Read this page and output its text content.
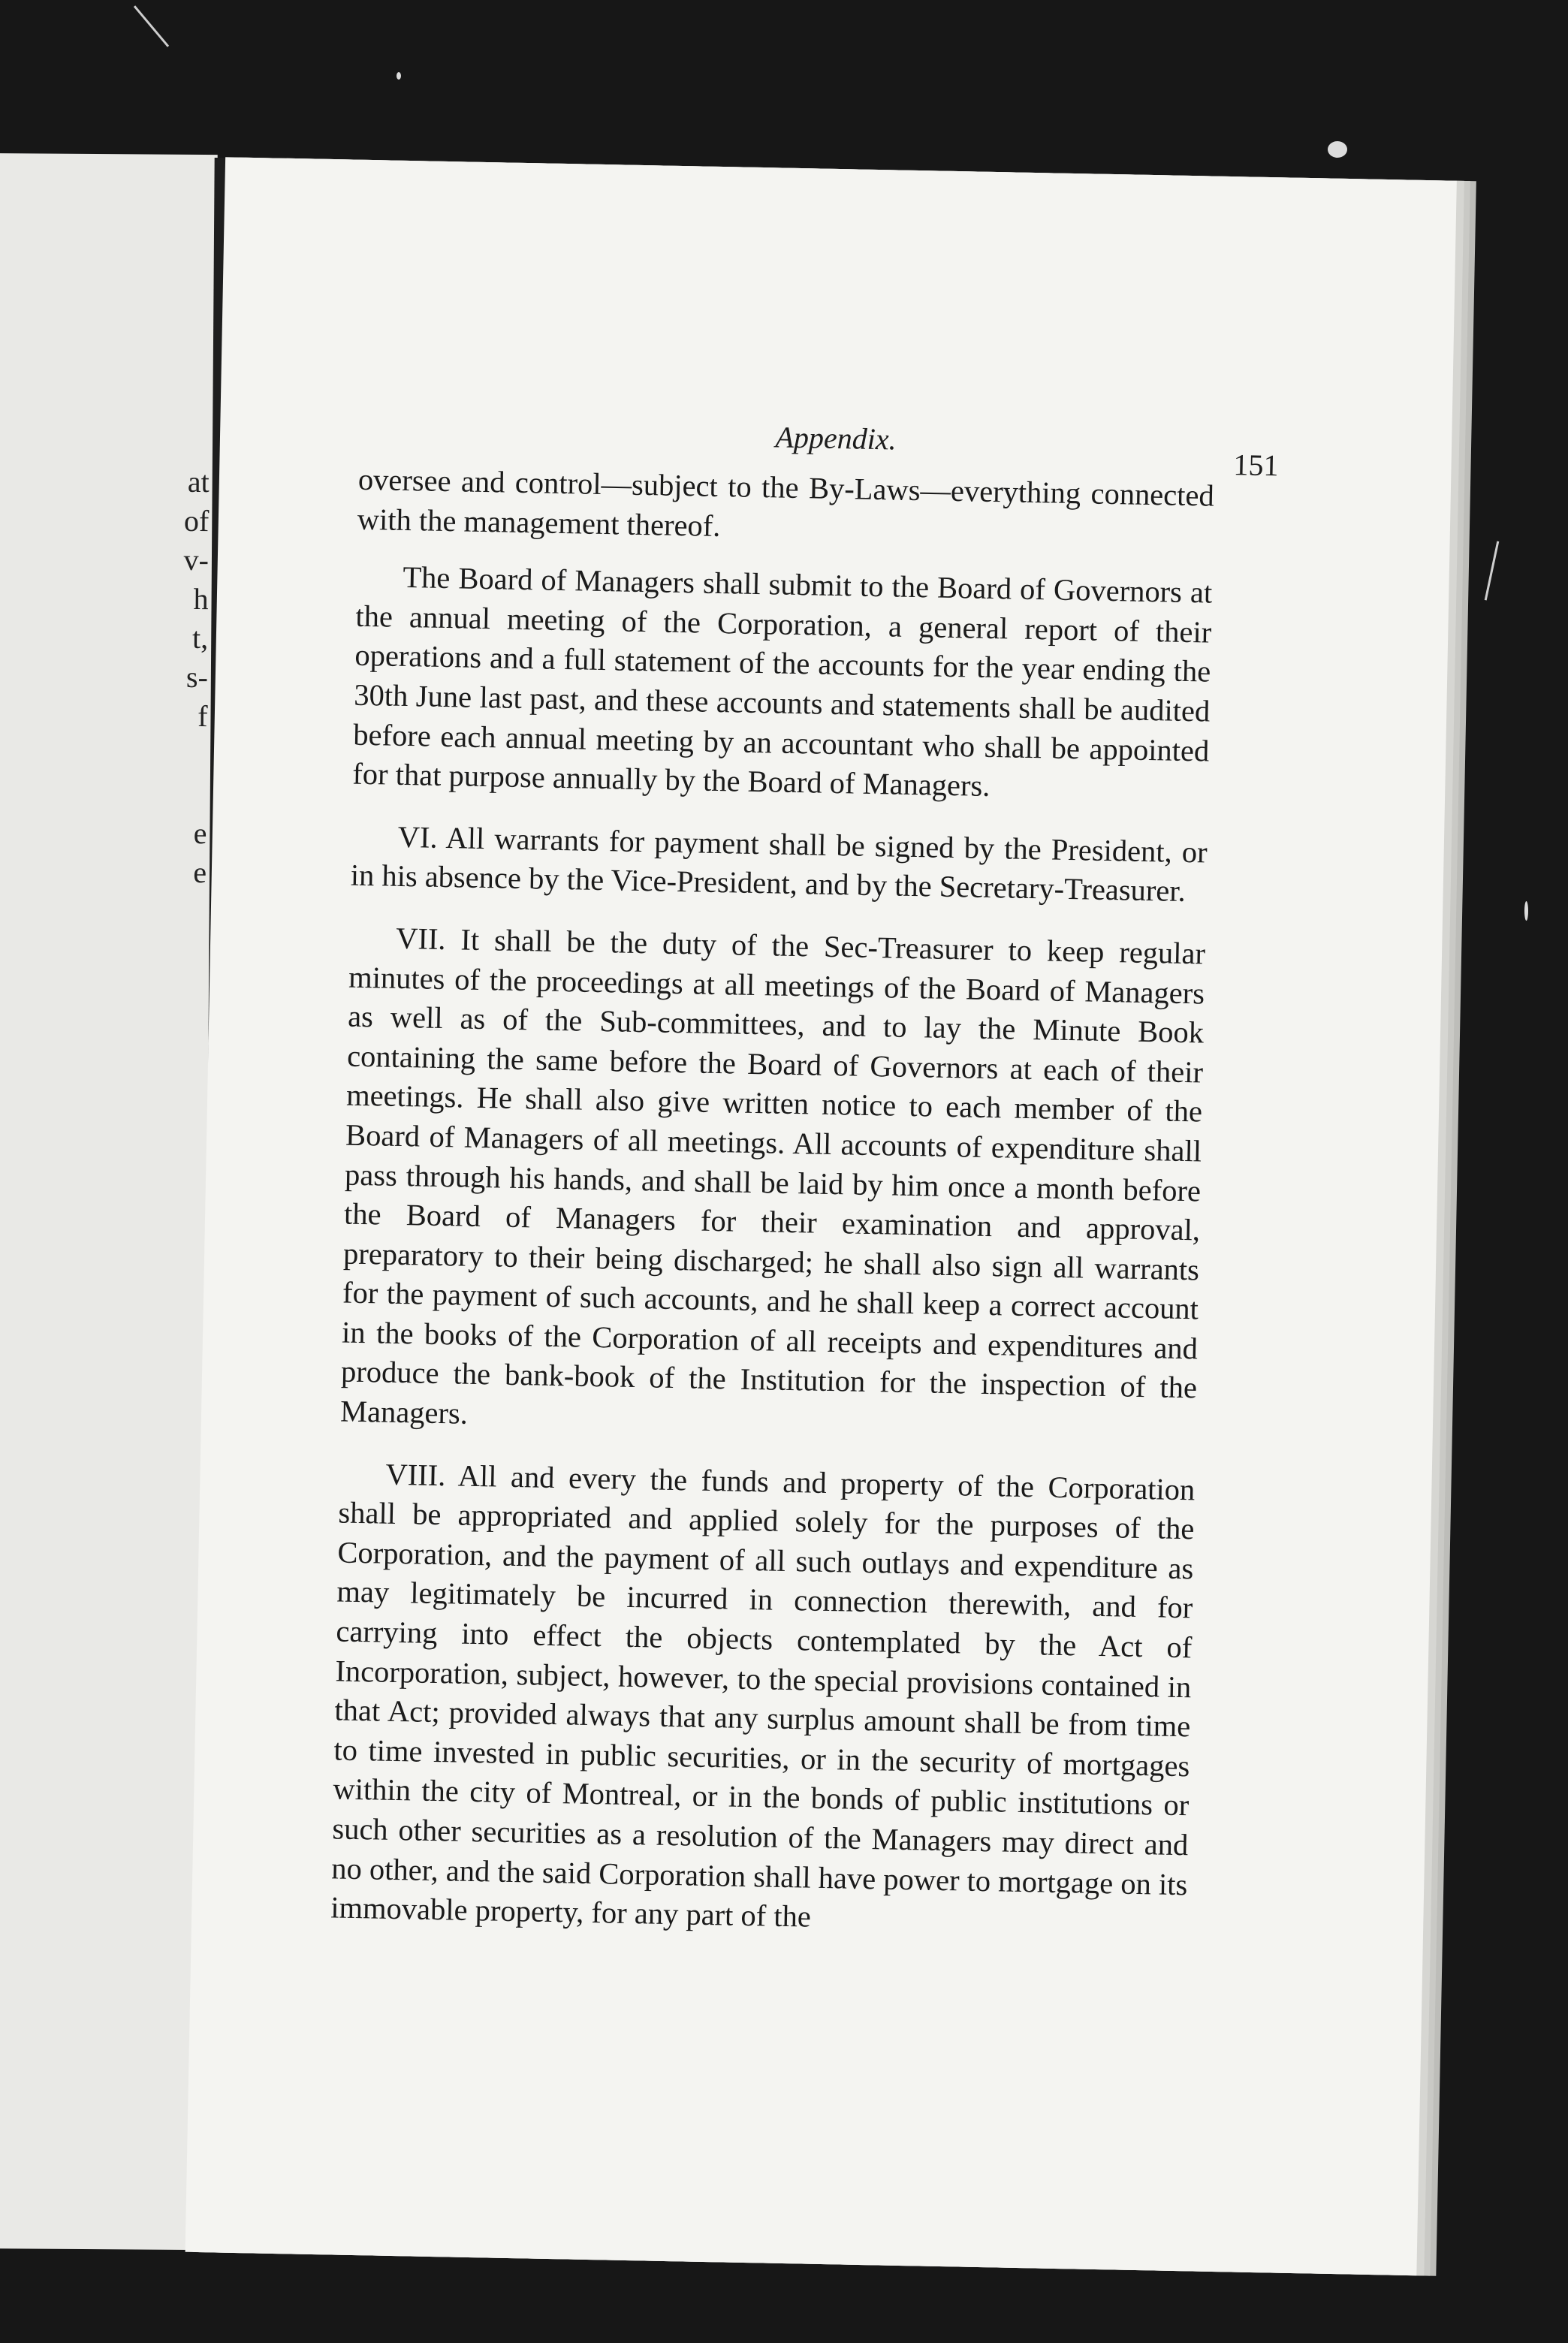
at
of
v-
h
t,
s-
f
e
e
Appendix.
151

oversee and control—subject to the By-Laws—everything connected with the management thereof.

The Board of Managers shall submit to the Board of Governors at the annual meeting of the Corporation, a general report of their operations and a full statement of the accounts for the year ending the 30th June last past, and these accounts and statements shall be audited before each annual meeting by an accountant who shall be appointed for that purpose annually by the Board of Managers.

VI. All warrants for payment shall be signed by the President, or in his absence by the Vice-President, and by the Secretary-Treasurer.

VII. It shall be the duty of the Sec-Treasurer to keep regular minutes of the proceedings at all meetings of the Board of Managers as well as of the Sub-committees, and to lay the Minute Book containing the same before the Board of Governors at each of their meetings. He shall also give written notice to each member of the Board of Managers of all meetings. All accounts of expenditure shall pass through his hands, and shall be laid by him once a month before the Board of Managers for their examination and approval, preparatory to their being discharged; he shall also sign all warrants for the payment of such accounts, and he shall keep a correct account in the books of the Corporation of all receipts and expenditures and produce the bank-book of the Institution for the inspection of the Managers.

VIII. All and every the funds and property of the Corporation shall be appropriated and applied solely for the purposes of the Corporation, and the payment of all such outlays and expenditure as may legitimately be incurred in connection therewith, and for carrying into effect the objects contemplated by the Act of Incorporation, subject, however, to the special provisions contained in that Act; provided always that any surplus amount shall be from time to time invested in public securities, or in the security of mortgages within the city of Montreal, or in the bonds of public institutions or such other securities as a resolution of the Managers may direct and no other, and the said Corporation shall have power to mortgage on its immovable property, for any part of the
